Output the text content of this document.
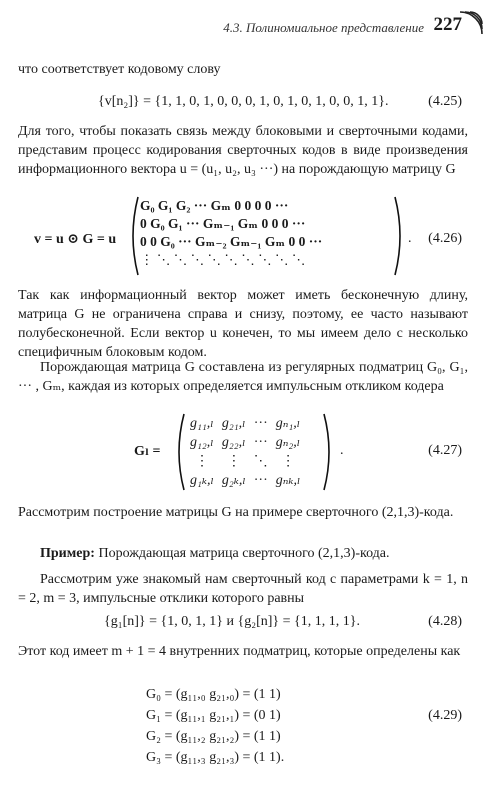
4.3. Полиномиальное представление 227
что соответствует кодовому слову
{v[n₂]} = {1, 1, 0, 1, 0, 0, 0, 1, 0, 1, 0, 1, 0, 0, 1, 1}.	(4.25)
Для того, чтобы показать связь между блоковыми и сверточными кодами, представим процесс кодирования сверточных кодов в виде произведения информационного вектора u = (u₁, u₂, u₃ ···) на порождающую матрицу G
v = u ⊙ G = u
G₀ G₁ G₂ ··· Gₘ 0 0 0 0 ···
0 G₀ G₁ ··· Gₘ₋₁ Gₘ 0 0 0 ···
0 0 G₀ ··· Gₘ₋₂ Gₘ₋₁ Gₘ 0 0 ···
⋮ ⋱ ⋱ ⋱ ⋱ ⋱ ⋱ ⋱ ⋱ ⋱
. (4.26)
Так как информационный вектор может иметь бесконечную длину, матрица G не ограничена справа и снизу, поэтому, ее часто называют полубесконечной. Если вектор u конечен, то мы имеем дело с несколько специфичным блоковым кодом.
Порождающая матрица G составлена из регулярных подматриц G₀, G₁, ··· , Gₘ, каждая из которых определяется импульсным откликом кодера
Gₗ =
g₁₁,ₗ	g₂₁,ₗ	···	gₙ₁,ₗ
g₁₂,ₗ	g₂₂,ₗ	···	gₙ₂,ₗ
⋮	⋮	⋱	⋮
g₁ₖ,ₗ	g₂ₖ,ₗ	···	gₙₖ,ₗ
.	(4.27)
Рассмотрим построение матрицы G на примере сверточного (2,1,3)-кода.
Пример: Порождающая матрица сверточного (2,1,3)-кода.
Рассмотрим уже знакомый нам сверточный код с параметрами k = 1, n = 2, m = 3, импульсные отклики которого равны
{g₁[n]} = {1, 0, 1, 1} и {g₂[n]} = {1, 1, 1, 1}.	(4.28)
Этот код имеет m + 1 = 4 внутренних подматриц, которые определены как
G₀ = (g₁₁,₀ g₂₁,₀) = (1 1)
G₁ = (g₁₁,₁ g₂₁,₁) = (0 1)
G₂ = (g₁₁,₂ g₂₁,₂) = (1 1)
G₃ = (g₁₁,₃ g₂₁,₃) = (1 1).
(4.29)
